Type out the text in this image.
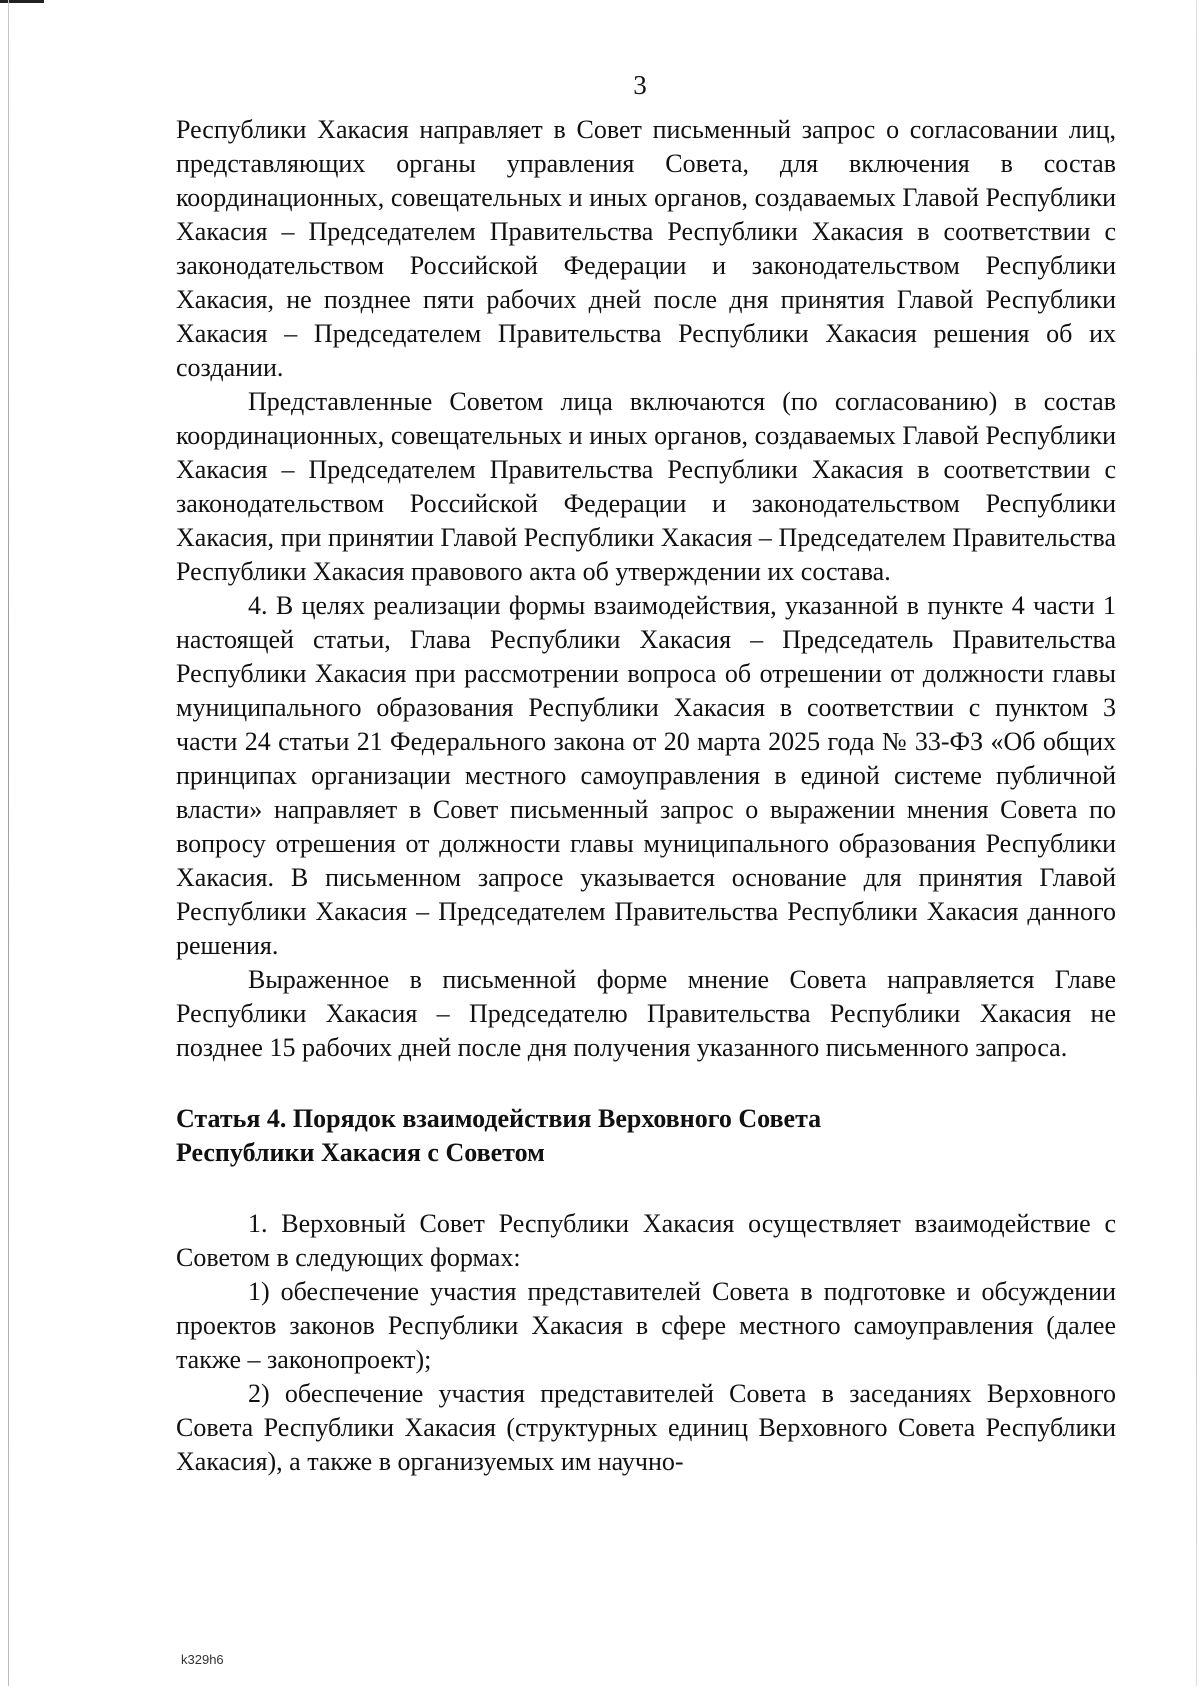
3

Республики Хакасия направляет в Совет письменный запрос о согласовании лиц, представляющих органы управления Совета, для включения в состав координационных, совещательных и иных органов, создаваемых Главой Республики Хакасия – Председателем Правительства Республики Хакасия в соответствии с законодательством Российской Федерации и законодательством Республики Хакасия, не позднее пяти рабочих дней после дня принятия Главой Республики Хакасия – Председателем Правительства Республики Хакасия решения об их создании.

Представленные Советом лица включаются (по согласованию) в состав координационных, совещательных и иных органов, создаваемых Главой Республики Хакасия – Председателем Правительства Республики Хакасия в соответствии с законодательством Российской Федерации и законодательством Республики Хакасия, при принятии Главой Республики Хакасия – Председателем Правительства Республики Хакасия правового акта об утверждении их состава.

4. В целях реализации формы взаимодействия, указанной в пункте 4 части 1 настоящей статьи, Глава Республики Хакасия – Председатель Правительства Республики Хакасия при рассмотрении вопроса об отрешении от должности главы муниципального образования Республики Хакасия в соответствии с пунктом 3 части 24 статьи 21 Федерального закона от 20 марта 2025 года № 33-ФЗ «Об общих принципах организации местного самоуправления в единой системе публичной власти» направляет в Совет письменный запрос о выражении мнения Совета по вопросу отрешения от должности главы муниципального образования Республики Хакасия. В письменном запросе указывается основание для принятия Главой Республики Хакасия – Председателем Правительства Республики Хакасия данного решения.

Выраженное в письменной форме мнение Совета направляется Главе Республики Хакасия – Председателю Правительства Республики Хакасия не позднее 15 рабочих дней после дня получения указанного письменного запроса.

Статья 4. Порядок взаимодействия Верховного Совета
Республики Хакасия с Советом

1. Верховный Совет Республики Хакасия осуществляет взаимодействие с Советом в следующих формах:

1) обеспечение участия представителей Совета в подготовке и обсуждении проектов законов Республики Хакасия в сфере местного самоуправления (далее также – законопроект);

2) обеспечение участия представителей Совета в заседаниях Верховного Совета Республики Хакасия (структурных единиц Верховного Совета Республики Хакасия), а также в организуемых им научно-

k329h6
